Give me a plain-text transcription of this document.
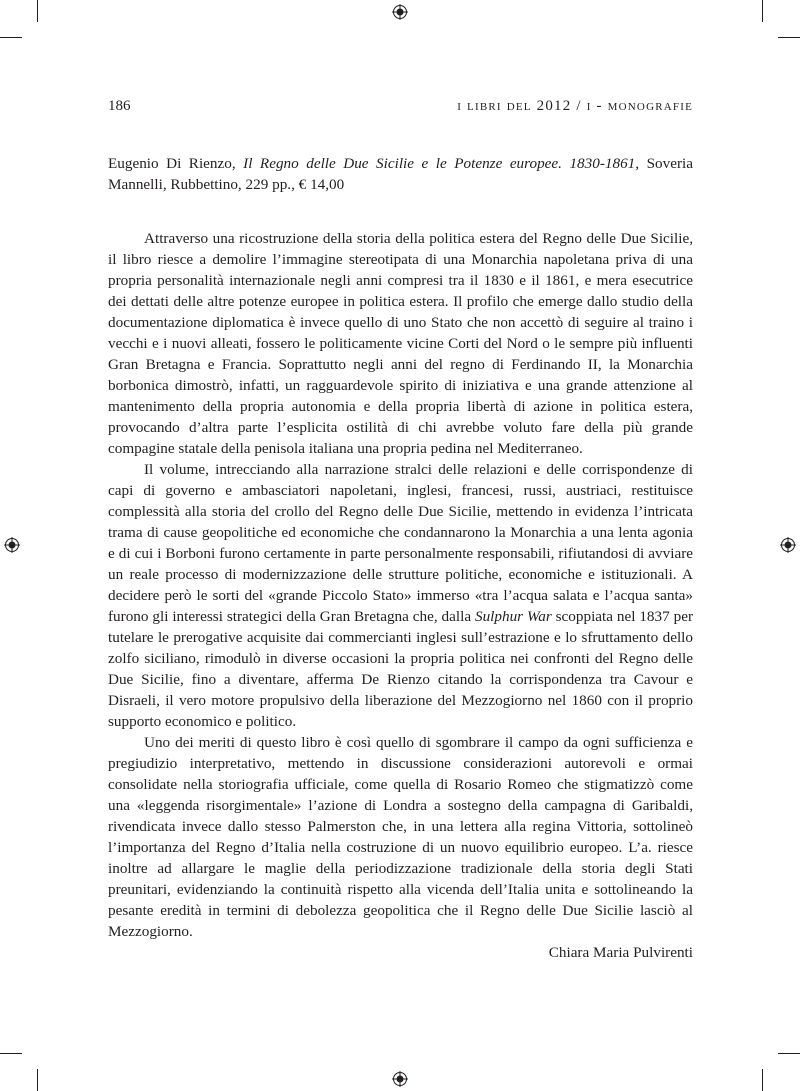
186	i libri del 2012 / i - monografie

Eugenio Di Rienzo, Il Regno delle Due Sicilie e le Potenze europee. 1830-1861, Soveria Mannelli, Rubbettino, 229 pp., € 14,00

Attraverso una ricostruzione della storia della politica estera del Regno delle Due Sicilie, il libro riesce a demolire l’immagine stereotipata di una Monarchia napoletana priva di una propria personalità internazionale negli anni compresi tra il 1830 e il 1861, e mera esecutrice dei dettati delle altre potenze europee in politica estera. Il profilo che emerge dallo studio della documentazione diplomatica è invece quello di uno Stato che non accettò di seguire al traino i vecchi e i nuovi alleati, fossero le politicamente vicine Corti del Nord o le sempre più influenti Gran Bretagna e Francia. Soprattutto negli anni del regno di Ferdinando II, la Monarchia borbonica dimostrò, infatti, un ragguardevole spirito di iniziativa e una grande attenzione al mantenimento della propria autonomia e della propria libertà di azione in politica estera, provocando d’altra parte l’esplicita ostilità di chi avrebbe voluto fare della più grande compagine statale della penisola italiana una propria pedina nel Mediterraneo.

Il volume, intrecciando alla narrazione stralci delle relazioni e delle corrispondenze di capi di governo e ambasciatori napoletani, inglesi, francesi, russi, austriaci, restituisce complessità alla storia del crollo del Regno delle Due Sicilie, mettendo in evidenza l’intricata trama di cause geopolitiche ed economiche che condannarono la Monarchia a una lenta agonia e di cui i Borboni furono certamente in parte personalmente responsabili, rifiutandosi di avviare un reale processo di modernizzazione delle strutture politiche, economiche e istituzionali. A decidere però le sorti del «grande Piccolo Stato» immerso «tra l’acqua salata e l’acqua santa» furono gli interessi strategici della Gran Bretagna che, dalla Sulphur War scoppiata nel 1837 per tutelare le prerogative acquisite dai commercianti inglesi sull’estrazione e lo sfruttamento dello zolfo siciliano, rimodulò in diverse occasioni la propria politica nei confronti del Regno delle Due Sicilie, fino a diventare, afferma De Rienzo citando la corrispondenza tra Cavour e Disraeli, il vero motore propulsivo della liberazione del Mezzogiorno nel 1860 con il proprio supporto economico e politico.

Uno dei meriti di questo libro è così quello di sgombrare il campo da ogni sufficienza e pregiudizio interpretativo, mettendo in discussione considerazioni autorevoli e ormai consolidate nella storiografia ufficiale, come quella di Rosario Romeo che stigmatizzò come una «leggenda risorgimentale» l’azione di Londra a sostegno della campagna di Garibaldi, rivendicata invece dallo stesso Palmerston che, in una lettera alla regina Vittoria, sottolineò l’importanza del Regno d’Italia nella costruzione di un nuovo equilibrio europeo. L’a. riesce inoltre ad allargare le maglie della periodizzazione tradizionale della storia degli Stati preunitari, evidenziando la continuità rispetto alla vicenda dell’Italia unita e sottolineando la pesante eredità in termini di debolezza geopolitica che il Regno delle Due Sicilie lasciò al Mezzogiorno.

Chiara Maria Pulvirenti
